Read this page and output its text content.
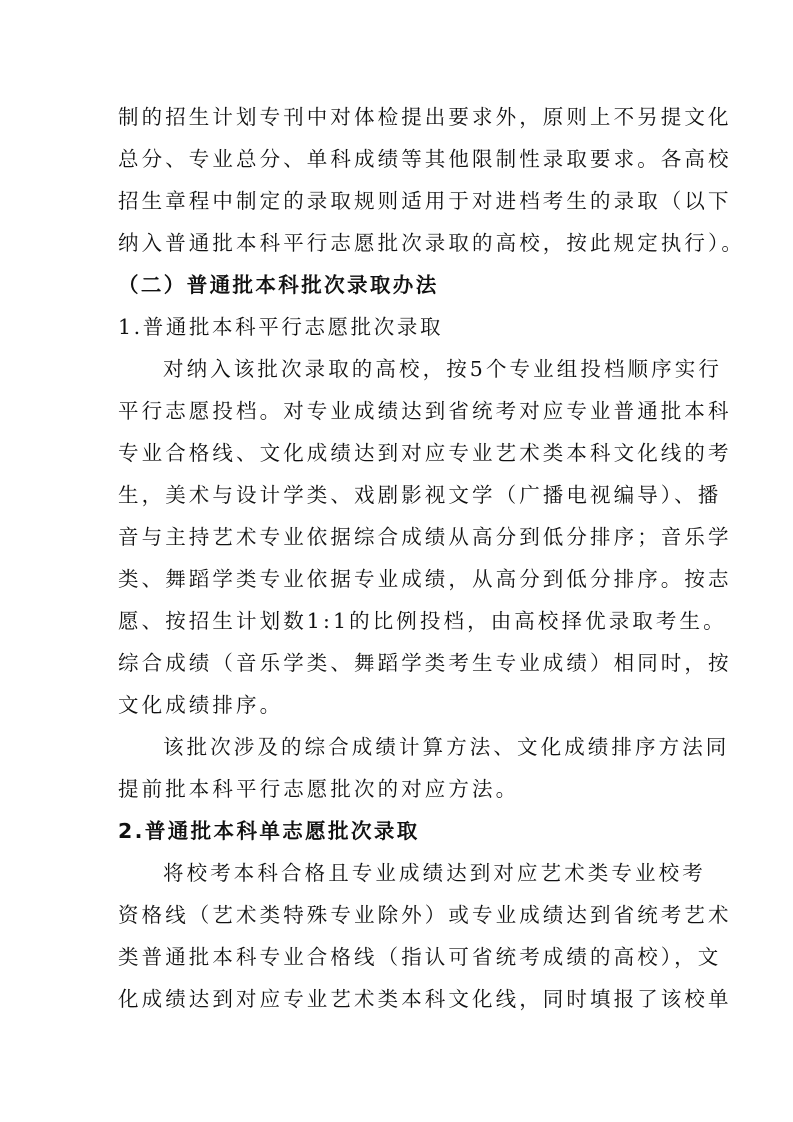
制的招生计划专刊中对体检提出要求外，原则上不另提文化
总分、专业总分、单科成绩等其他限制性录取要求。各高校
招生章程中制定的录取规则适用于对进档考生的录取（以下
纳入普通批本科平行志愿批次录取的高校，按此规定执行）。
（二）普通批本科批次录取办法
1.普通批本科平行志愿批次录取
对纳入该批次录取的高校，按5个专业组投档顺序实行
平行志愿投档。对专业成绩达到省统考对应专业普通批本科
专业合格线、文化成绩达到对应专业艺术类本科文化线的考
生，美术与设计学类、戏剧影视文学（广播电视编导）、播
音与主持艺术专业依据综合成绩从高分到低分排序；音乐学
类、舞蹈学类专业依据专业成绩，从高分到低分排序。按志
愿、按招生计划数1:1的比例投档，由高校择优录取考生。
综合成绩（音乐学类、舞蹈学类考生专业成绩）相同时，按
文化成绩排序。
该批次涉及的综合成绩计算方法、文化成绩排序方法同
提前批本科平行志愿批次的对应方法。
2.普通批本科单志愿批次录取
将校考本科合格且专业成绩达到对应艺术类专业校考
资格线（艺术类特殊专业除外）或专业成绩达到省统考艺术
类普通批本科专业合格线（指认可省统考成绩的高校），文
化成绩达到对应专业艺术类本科文化线，同时填报了该校单
